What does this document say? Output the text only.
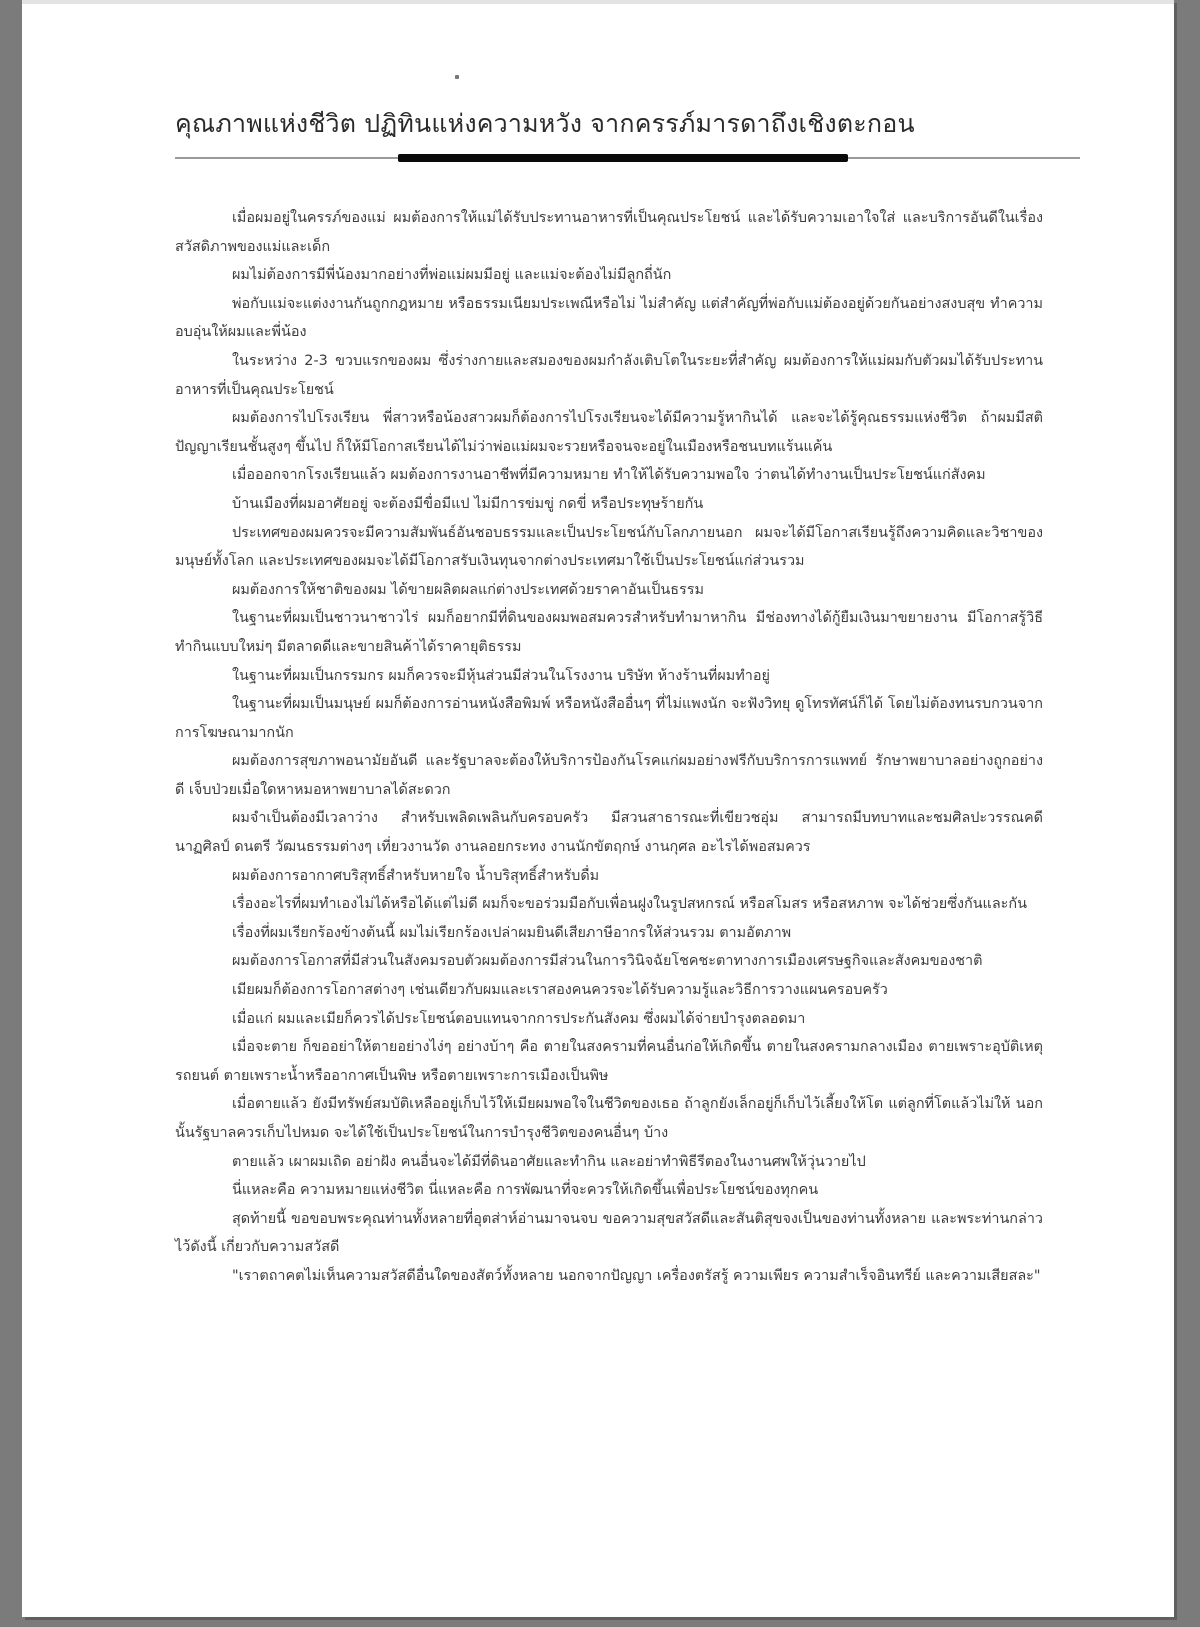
คุณภาพแห่งชีวิต ปฏิทินแห่งความหวัง จากครรภ์มารดาถึงเชิงตะกอน

เมื่อผมอยู่ในครรภ์ของแม่ ผมต้องการให้แม่ได้รับประทานอาหารที่เป็นคุณประโยชน์ และได้รับความเอาใจใส่ และบริการอันดีในเรื่องสวัสดิภาพของแม่และเด็ก

ผมไม่ต้องการมีพี่น้องมากอย่างที่พ่อแม่ผมมีอยู่ และแม่จะต้องไม่มีลูกถี่นัก

พ่อกับแม่จะแต่งงานกันถูกกฎหมาย หรือธรรมเนียมประเพณีหรือไม่ ไม่สำคัญ แต่สำคัญที่พ่อกับแม่ต้องอยู่ด้วยกันอย่างสงบสุข ทำความอบอุ่นให้ผมและพี่น้อง

ในระหว่าง 2-3 ขวบแรกของผม ซึ่งร่างกายและสมองของผมกำลังเติบโตในระยะที่สำคัญ ผมต้องการให้แม่ผมกับตัวผมได้รับประทานอาหารที่เป็นคุณประโยชน์

ผมต้องการไปโรงเรียน พี่สาวหรือน้องสาวผมก็ต้องการไปโรงเรียนจะได้มีความรู้หากินได้ และจะได้รู้คุณธรรมแห่งชีวิต ถ้าผมมีสติปัญญาเรียนชั้นสูงๆ ขึ้นไป ก็ให้มีโอกาสเรียนได้ไม่ว่าพ่อแม่ผมจะรวยหรือจนจะอยู่ในเมืองหรือชนบทแร้นแค้น

เมื่อออกจากโรงเรียนแล้ว ผมต้องการงานอาชีพที่มีความหมาย ทำให้ได้รับความพอใจ ว่าตนได้ทำงานเป็นประโยชน์แก่สังคม

บ้านเมืองที่ผมอาศัยอยู่ จะต้องมีขื่อมีแป ไม่มีการข่มขู่ กดขี่ หรือประทุษร้ายกัน

ประเทศของผมควรจะมีความสัมพันธ์อันชอบธรรมและเป็นประโยชน์กับโลกภายนอก ผมจะได้มีโอกาสเรียนรู้ถึงความคิดและวิชาของมนุษย์ทั้งโลก และประเทศของผมจะได้มีโอกาสรับเงินทุนจากต่างประเทศมาใช้เป็นประโยชน์แก่ส่วนรวม

ผมต้องการให้ชาติของผม ได้ขายผลิตผลแก่ต่างประเทศด้วยราคาอันเป็นธรรม

ในฐานะที่ผมเป็นชาวนาชาวไร่ ผมก็อยากมีที่ดินของผมพอสมควรสำหรับทำมาหากิน มีช่องทางได้กู้ยืมเงินมาขยายงาน มีโอกาสรู้วิธีทำกินแบบใหม่ๆ มีตลาดดีและขายสินค้าได้ราคายุติธรรม

ในฐานะที่ผมเป็นกรรมกร ผมก็ควรจะมีหุ้นส่วนมีส่วนในโรงงาน บริษัท ห้างร้านที่ผมทำอยู่

ในฐานะที่ผมเป็นมนุษย์ ผมก็ต้องการอ่านหนังสือพิมพ์ หรือหนังสืออื่นๆ ที่ไม่แพงนัก จะฟังวิทยุ ดูโทรทัศน์ก็ได้ โดยไม่ต้องทนรบกวนจากการโฆษณามากนัก

ผมต้องการสุขภาพอนามัยอันดี และรัฐบาลจะต้องให้บริการป้องกันโรคแก่ผมอย่างฟรีกับบริการการแพทย์ รักษาพยาบาลอย่างถูกอย่างดี เจ็บป่วยเมื่อใดหาหมอหาพยาบาลได้สะดวก

ผมจำเป็นต้องมีเวลาว่าง สำหรับเพลิดเพลินกับครอบครัว มีสวนสาธารณะที่เขียวชอุ่ม สามารถมีบทบาทและชมศิลปะวรรณคดี นาฏศิลป์ ดนตรี วัฒนธรรมต่างๆ เที่ยวงานวัด งานลอยกระทง งานนักขัตฤกษ์ งานกุศล อะไรได้พอสมควร

ผมต้องการอากาศบริสุทธิ์สำหรับหายใจ น้ำบริสุทธิ์สำหรับดื่ม

เรื่องอะไรที่ผมทำเองไม่ได้หรือได้แต่ไม่ดี ผมก็จะขอร่วมมือกับเพื่อนฝูงในรูปสหกรณ์ หรือสโมสร หรือสหภาพ จะได้ช่วยซึ่งกันและกัน

เรื่องที่ผมเรียกร้องข้างต้นนี้ ผมไม่เรียกร้องเปล่าผมยินดีเสียภาษีอากรให้ส่วนรวม ตามอัตภาพ

ผมต้องการโอกาสที่มีส่วนในสังคมรอบตัวผมต้องการมีส่วนในการวินิจฉัยโชคชะตาทางการเมืองเศรษฐกิจและสังคมของชาติ

เมียผมก็ต้องการโอกาสต่างๆ เช่นเดียวกับผมและเราสองคนควรจะได้รับความรู้และวิธีการวางแผนครอบครัว

เมื่อแก่ ผมและเมียก็ควรได้ประโยชน์ตอบแทนจากการประกันสังคม ซึ่งผมได้จ่ายบำรุงตลอดมา

เมื่อจะตาย ก็ขออย่าให้ตายอย่างไง่ๆ อย่างบ้าๆ คือ ตายในสงครามที่คนอื่นก่อให้เกิดขึ้น ตายในสงครามกลางเมือง ตายเพราะอุบัติเหตุรถยนต์ ตายเพราะน้ำหรืออากาศเป็นพิษ หรือตายเพราะการเมืองเป็นพิษ

เมื่อตายแล้ว ยังมีทรัพย์สมบัติเหลืออยู่เก็บไว้ให้เมียผมพอใจในชีวิตของเธอ ถ้าลูกยังเล็กอยู่ก็เก็บไว้เลี้ยงให้โต แต่ลูกที่โตแล้วไม่ให้ นอกนั้นรัฐบาลควรเก็บไปหมด จะได้ใช้เป็นประโยชน์ในการบำรุงชีวิตของคนอื่นๆ บ้าง

ตายแล้ว เผาผมเถิด อย่าฝัง คนอื่นจะได้มีที่ดินอาศัยและทำกิน และอย่าทำพิธีรีตองในงานศพให้วุ่นวายไป

นี่แหละคือ ความหมายแห่งชีวิต นี่แหละคือ การพัฒนาที่จะควรให้เกิดขึ้นเพื่อประโยชน์ของทุกคน

สุดท้ายนี้ ขอขอบพระคุณท่านทั้งหลายที่อุตส่าห์อ่านมาจนจบ ขอความสุขสวัสดีและสันติสุขจงเป็นของท่านทั้งหลาย และพระท่านกล่าวไว้ดังนี้ เกี่ยวกับความสวัสดี

"เราตถาคตไม่เห็นความสวัสดีอื่นใดของสัตว์ทั้งหลาย นอกจากปัญญา เครื่องตรัสรู้ ความเพียร ความสำเร็จอินทรีย์ และความเสียสละ"
